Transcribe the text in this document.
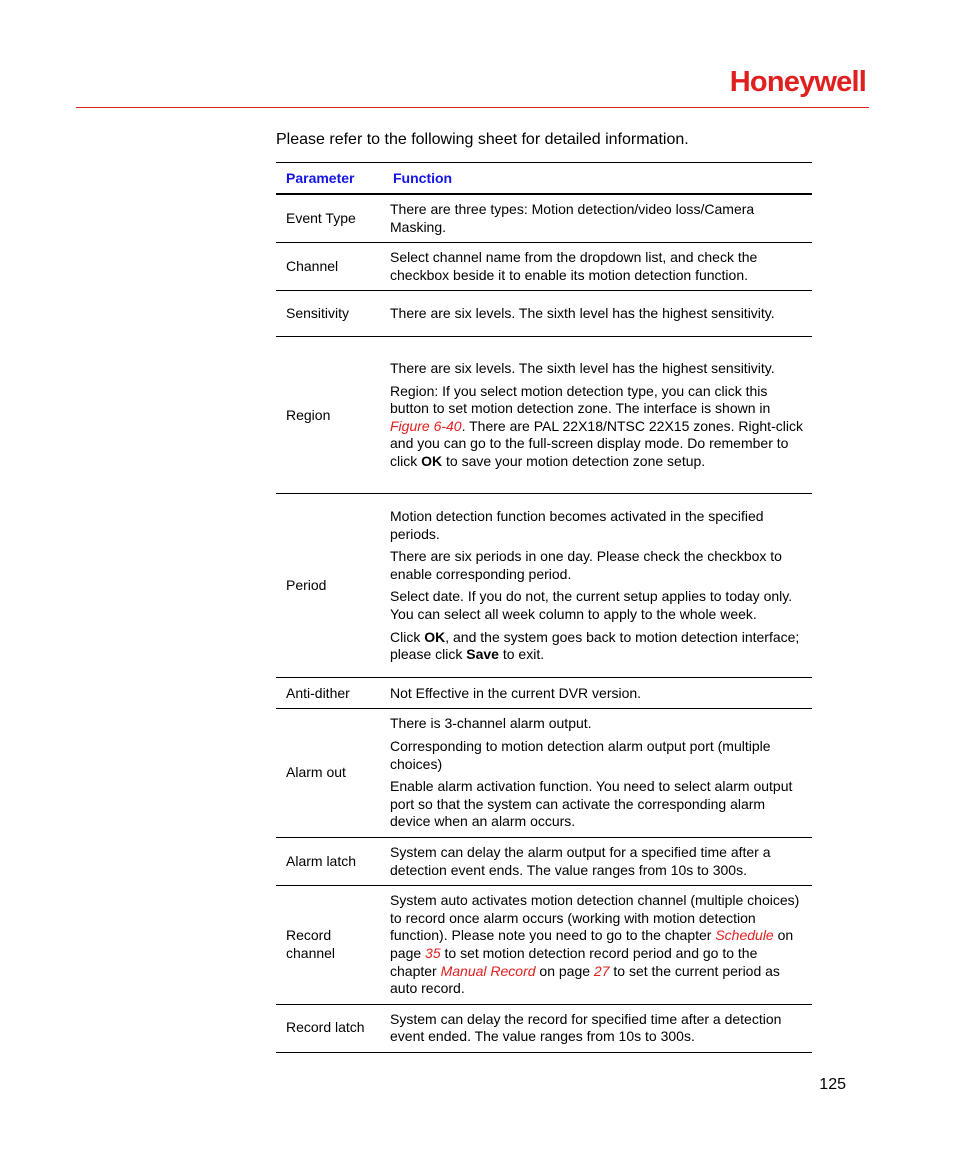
Honeywell
Please refer to the following sheet for detailed information.
Parameter	Function
Event Type	There are three types: Motion detection/video loss/Camera Masking.

Channel	Select channel name from the dropdown list, and check the checkbox beside it to enable its motion detection function.

Sensitivity	There are six levels. The sixth level has the highest sensitivity.

Region	There are six levels. The sixth level has the highest sensitivity.

Region: If you select motion detection type, you can click this button to set motion detection zone. The interface is shown in Figure 6-40. There are PAL 22X18/NTSC 22X15 zones. Right-click and you can go to the full-screen display mode. Do remember to click OK to save your motion detection zone setup.

Period	Motion detection function becomes activated in the specified periods.

There are six periods in one day. Please check the checkbox to enable corresponding period.

Select date. If you do not, the current setup applies to today only. You can select all week column to apply to the whole week.

Click OK, and the system goes back to motion detection interface; please click Save to exit.

Anti-dither	Not Effective in the current DVR version.

Alarm out	There is 3-channel alarm output.

Corresponding to motion detection alarm output port (multiple choices)

Enable alarm activation function. You need to select alarm output port so that the system can activate the corresponding alarm device when an alarm occurs.

Alarm latch	System can delay the alarm output for a specified time after a detection event ends. The value ranges from 10s to 300s.

Record channel	System auto activates motion detection channel (multiple choices) to record once alarm occurs (working with motion detection function). Please note you need to go to the chapter Schedule on page 35 to set motion detection record period and go to the chapter Manual Record on page 27 to set the current period as auto record.

Record latch	System can delay the record for specified time after a detection event ended. The value ranges from 10s to 300s.

125
